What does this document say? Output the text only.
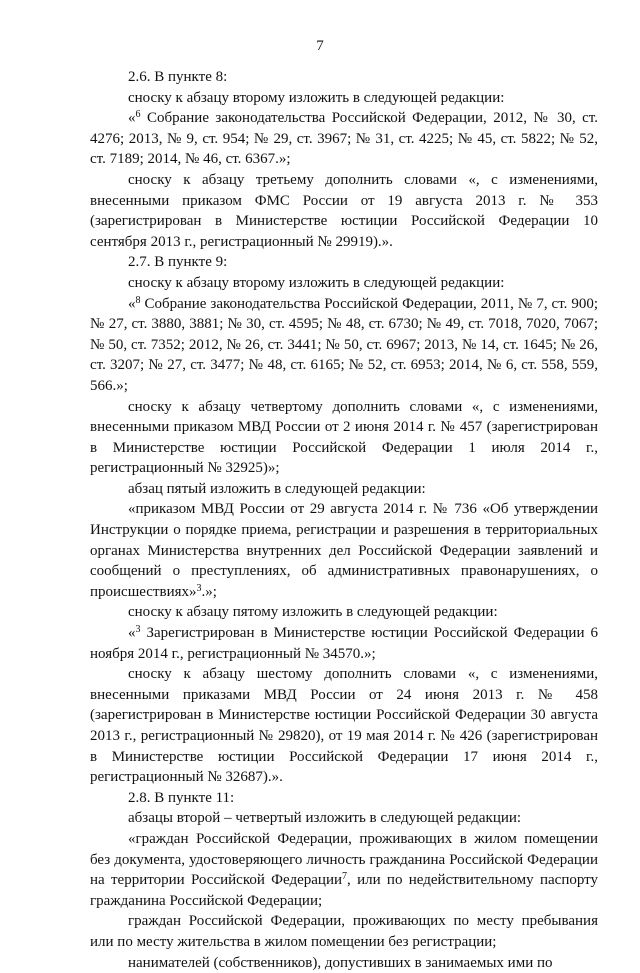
7

2.6. В пункте 8:

сноску к абзацу второму изложить в следующей редакции:

«$^6$ Собрание законодательства Российской Федерации, 2012, № 30, ст. 4276; 2013, № 9, ст. 954; № 29, ст. 3967; № 31, ст. 4225; № 45, ст. 5822; № 52, ст. 7189; 2014, № 46, ст. 6367.»;

сноску к абзацу третьему дополнить словами «, с изменениями, внесенными приказом ФМС России от 19 августа 2013 г. № 353 (зарегистрирован в Министерстве юстиции Российской Федерации 10 сентября 2013 г., регистрационный № 29919).».

2.7. В пункте 9:

сноску к абзацу второму изложить в следующей редакции:

«$^8$ Собрание законодательства Российской Федерации, 2011, № 7, ст. 900; № 27, ст. 3880, 3881; № 30, ст. 4595; № 48, ст. 6730; № 49, ст. 7018, 7020, 7067; № 50, ст. 7352; 2012, № 26, ст. 3441; № 50, ст. 6967; 2013, № 14, ст. 1645; № 26, ст. 3207; № 27, ст. 3477; № 48, ст. 6165; № 52, ст. 6953; 2014, № 6, ст. 558, 559, 566.»;

сноску к абзацу четвертому дополнить словами «, с изменениями, внесенными приказом МВД России от 2 июня 2014 г. № 457 (зарегистрирован в Министерстве юстиции Российской Федерации 1 июля 2014 г., регистрационный № 32925)»;

абзац пятый изложить в следующей редакции:

«приказом МВД России от 29 августа 2014 г. № 736 «Об утверждении Инструкции о порядке приема, регистрации и разрешения в территориальных органах Министерства внутренних дел Российской Федерации заявлений и сообщений о преступлениях, об административных правонарушениях, о происшествиях»$^3$.»;

сноску к абзацу пятому изложить в следующей редакции:

«$^3$ Зарегистрирован в Министерстве юстиции Российской Федерации 6 ноября 2014 г., регистрационный № 34570.»;

сноску к абзацу шестому дополнить словами «, с изменениями, внесенными приказами МВД России от 24 июня 2013 г. № 458 (зарегистрирован в Министерстве юстиции Российской Федерации 30 августа 2013 г., регистрационный № 29820), от 19 мая 2014 г. № 426 (зарегистрирован в Министерстве юстиции Российской Федерации 17 июня 2014 г., регистрационный № 32687).».

2.8. В пункте 11:

абзацы второй – четвертый изложить в следующей редакции:

«граждан Российской Федерации, проживающих в жилом помещении без документа, удостоверяющего личность гражданина Российской Федерации на территории Российской Федерации$^7$, или по недействительному паспорту гражданина Российской Федерации;

граждан Российской Федерации, проживающих по месту пребывания или по месту жительства в жилом помещении без регистрации;

нанимателей (собственников), допустивших в занимаемых ими по
